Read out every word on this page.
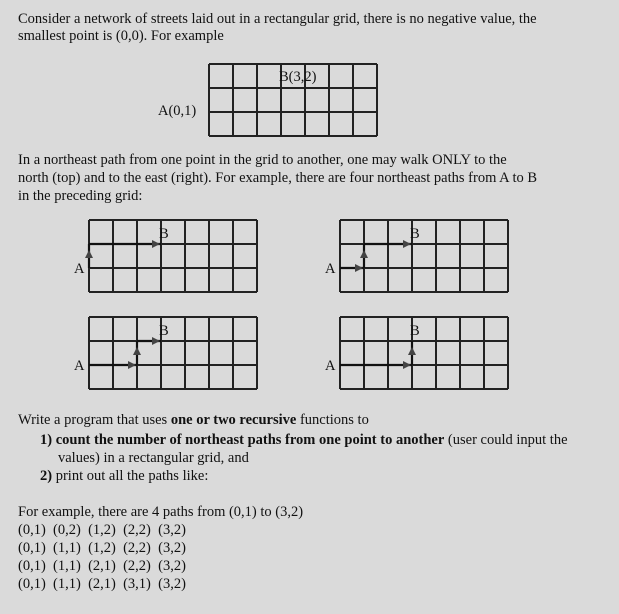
Consider a network of streets laid out in a rectangular grid, there is no negative value, the
smallest point is (0,0). For example
A(0,1)
B(3,2)
A
B
A
B
A
B
A
B
In a northeast path from one point in the grid to another, one may walk ONLY to the
north (top) and to the east (right). For example, there are four northeast paths from A to B
in the preceding grid:
Write a program that uses one or two recursive functions to
1) count the number of northeast paths from one point to another (user could input the
values) in a rectangular grid, and
2) print out all the paths like:
For example, there are 4 paths from (0,1) to (3,2)
(0,1)  (0,2)  (1,2)  (2,2)  (3,2)
(0,1)  (1,1)  (1,2)  (2,2)  (3,2)
(0,1)  (1,1)  (2,1)  (2,2)  (3,2)
(0,1)  (1,1)  (2,1)  (3,1)  (3,2)
